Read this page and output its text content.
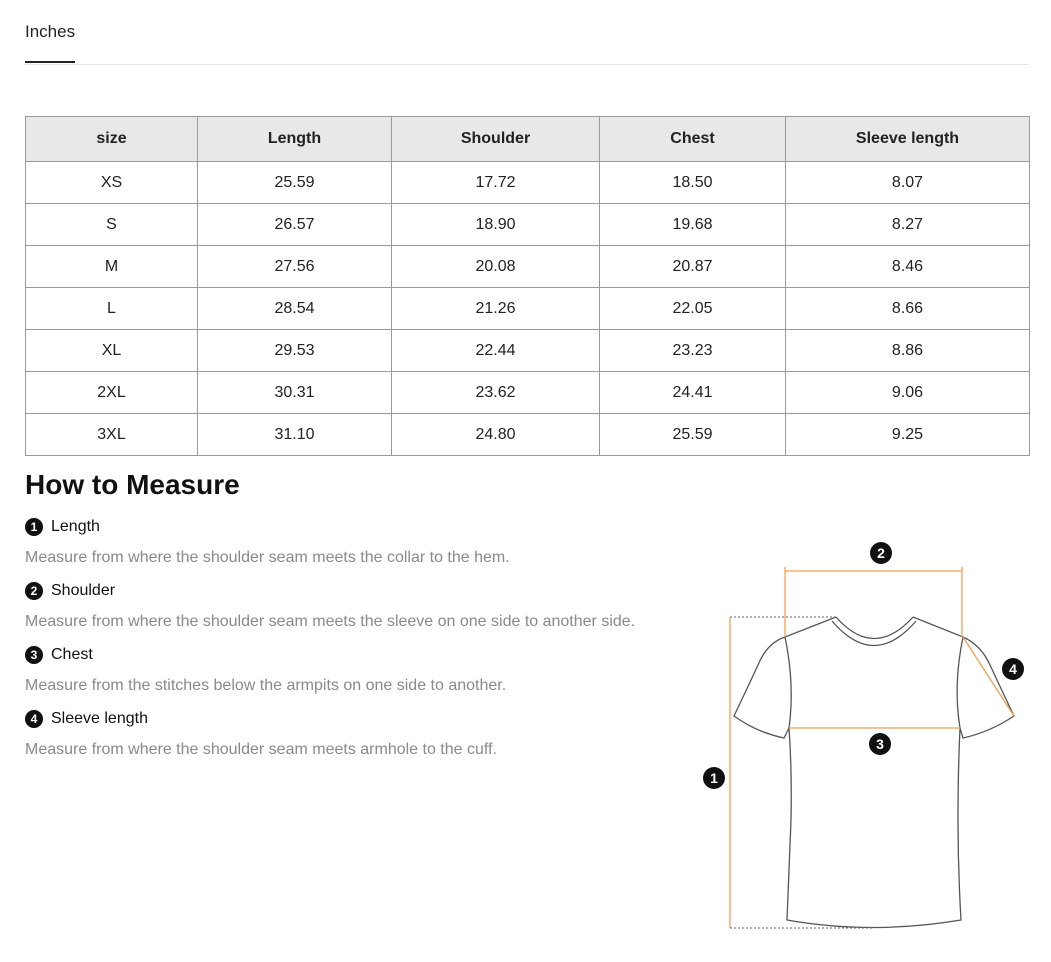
Inches
size	Length	Shoulder	Chest	Sleeve length
XS	25.59	17.72	18.50	8.07
S	26.57	18.90	19.68	8.27
M	27.56	20.08	20.87	8.46
L	28.54	21.26	22.05	8.66
XL	29.53	22.44	23.23	8.86
2XL	30.31	23.62	24.41	9.06
3XL	31.10	24.80	25.59	9.25
How to Measure
1 Length
Measure from where the shoulder seam meets the collar to the hem.
2 Shoulder
Measure from where the shoulder seam meets the sleeve on one side to another side.
3 Chest
Measure from the stitches below the armpits on one side to another.
4 Sleeve length
Measure from where the shoulder seam meets armhole to the cuff.
2
4
3
1
